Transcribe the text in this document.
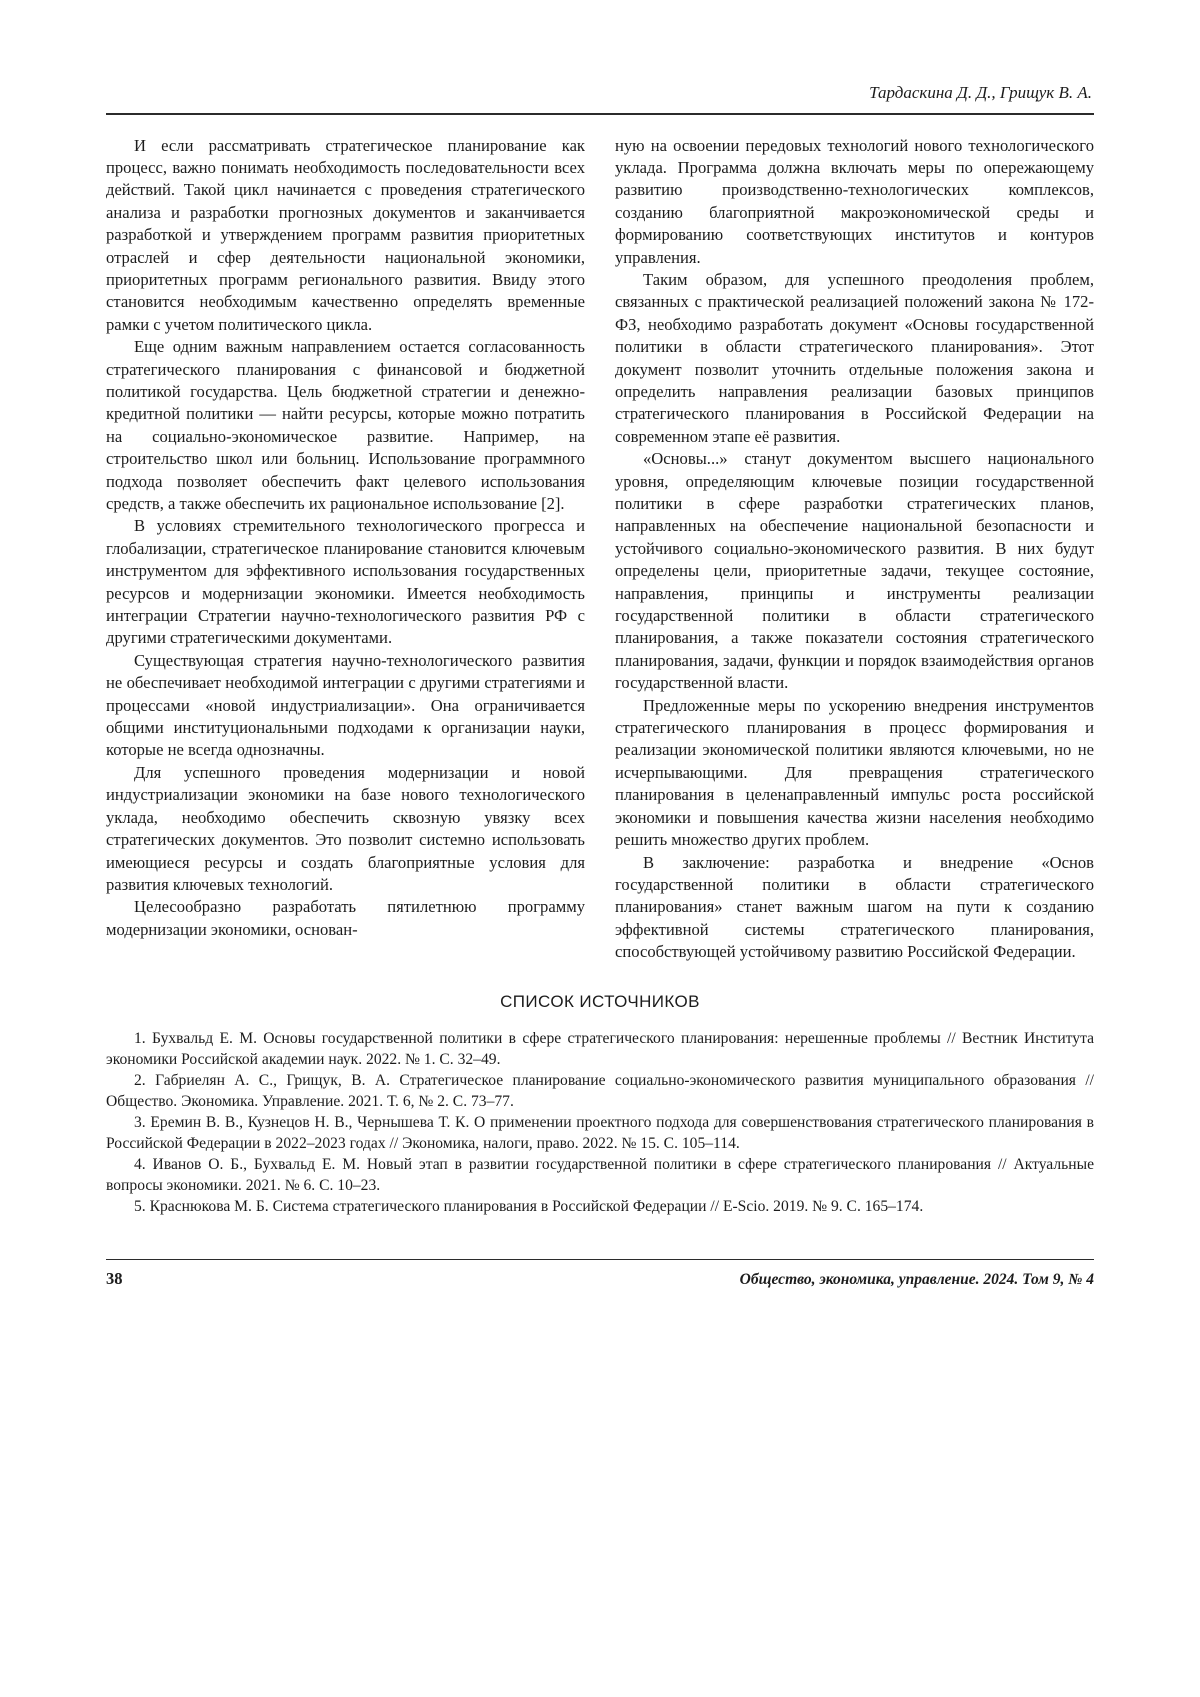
Тардаскина Д. Д., Грищук В. А.

И если рассматривать стратегическое планирование как процесс, важно понимать необходимость последовательности всех действий. Такой цикл начинается с проведения стратегического анализа и разработки прогнозных документов и заканчивается разработкой и утверждением программ развития приоритетных отраслей и сфер деятельности национальной экономики, приоритетных программ регионального развития. Ввиду этого становится необходимым качественно определять временные рамки с учетом политического цикла.

Еще одним важным направлением остается согласованность стратегического планирования с финансовой и бюджетной политикой государства. Цель бюджетной стратегии и денежно-кредитной политики — найти ресурсы, которые можно потратить на социально-экономическое развитие. Например, на строительство школ или больниц. Использование программного подхода позволяет обеспечить факт целевого использования средств, а также обеспечить их рациональное использование [2].

В условиях стремительного технологического прогресса и глобализации, стратегическое планирование становится ключевым инструментом для эффективного использования государственных ресурсов и модернизации экономики. Имеется необходимость интеграции Стратегии научно-технологического развития РФ с другими стратегическими документами.

Существующая стратегия научно-технологического развития не обеспечивает необходимой интеграции с другими стратегиями и процессами «новой индустриализации». Она ограничивается общими институциональными подходами к организации науки, которые не всегда однозначны.

Для успешного проведения модернизации и новой индустриализации экономики на базе нового технологического уклада, необходимо обеспечить сквозную увязку всех стратегических документов. Это позволит системно использовать имеющиеся ресурсы и создать благоприятные условия для развития ключевых технологий.

Целесообразно разработать пятилетнюю программу модернизации экономики, основан-

ную на освоении передовых технологий нового технологического уклада. Программа должна включать меры по опережающему развитию производственно-технологических комплексов, созданию благоприятной макроэкономической среды и формированию соответствующих институтов и контуров управления.

Таким образом, для успешного преодоления проблем, связанных с практической реализацией положений закона № 172-ФЗ, необходимо разработать документ «Основы государственной политики в области стратегического планирования». Этот документ позволит уточнить отдельные положения закона и определить направления реализации базовых принципов стратегического планирования в Российской Федерации на современном этапе её развития.

«Основы...» станут документом высшего национального уровня, определяющим ключевые позиции государственной политики в сфере разработки стратегических планов, направленных на обеспечение национальной безопасности и устойчивого социально-экономического развития. В них будут определены цели, приоритетные задачи, текущее состояние, направления, принципы и инструменты реализации государственной политики в области стратегического планирования, а также показатели состояния стратегического планирования, задачи, функции и порядок взаимодействия органов государственной власти.

Предложенные меры по ускорению внедрения инструментов стратегического планирования в процесс формирования и реализации экономической политики являются ключевыми, но не исчерпывающими. Для превращения стратегического планирования в целенаправленный импульс роста российской экономики и повышения качества жизни населения необходимо решить множество других проблем.

В заключение: разработка и внедрение «Основ государственной политики в области стратегического планирования» станет важным шагом на пути к созданию эффективной системы стратегического планирования, способствующей устойчивому развитию Российской Федерации.

СПИСОК ИСТОЧНИКОВ

1. Бухвальд Е. М. Основы государственной политики в сфере стратегического планирования: нерешенные проблемы // Вестник Института экономики Российской академии наук. 2022. № 1. С. 32–49.

2. Габриелян А. С., Грищук, В. А. Стратегическое планирование социально-экономического развития муниципального образования // Общество. Экономика. Управление. 2021. Т. 6, № 2. С. 73–77.

3. Еремин В. В., Кузнецов Н. В., Чернышева Т. К. О применении проектного подхода для совершенствования стратегического планирования в Российской Федерации в 2022–2023 годах // Экономика, налоги, право. 2022. № 15. С. 105–114.

4. Иванов О. Б., Бухвальд Е. М. Новый этап в развитии государственной политики в сфере стратегического планирования // Актуальные вопросы экономики. 2021. № 6. С. 10–23.

5. Краснюкова М. Б. Система стратегического планирования в Российской Федерации // E-Scio. 2019. № 9. С. 165–174.

38	Общество, экономика, управление. 2024. Том 9, № 4
